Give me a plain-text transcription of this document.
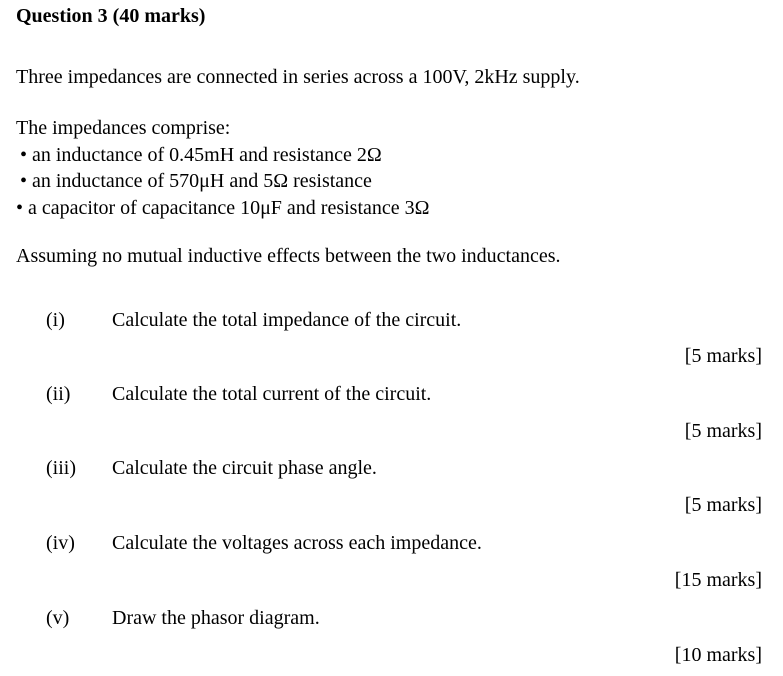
Question 3 (40 marks)
Three impedances are connected in series across a 100V, 2kHz supply.
The impedances comprise:
• an inductance of 0.45mH and resistance 2Ω
• an inductance of 570μH and 5Ω resistance
• a capacitor of capacitance 10μF and resistance 3Ω
Assuming no mutual inductive effects between the two inductances.
(i) Calculate the total impedance of the circuit.
[5 marks]
(ii) Calculate the total current of the circuit.
[5 marks]
(iii) Calculate the circuit phase angle.
[5 marks]
(iv) Calculate the voltages across each impedance.
[15 marks]
(v) Draw the phasor diagram.
[10 marks]
